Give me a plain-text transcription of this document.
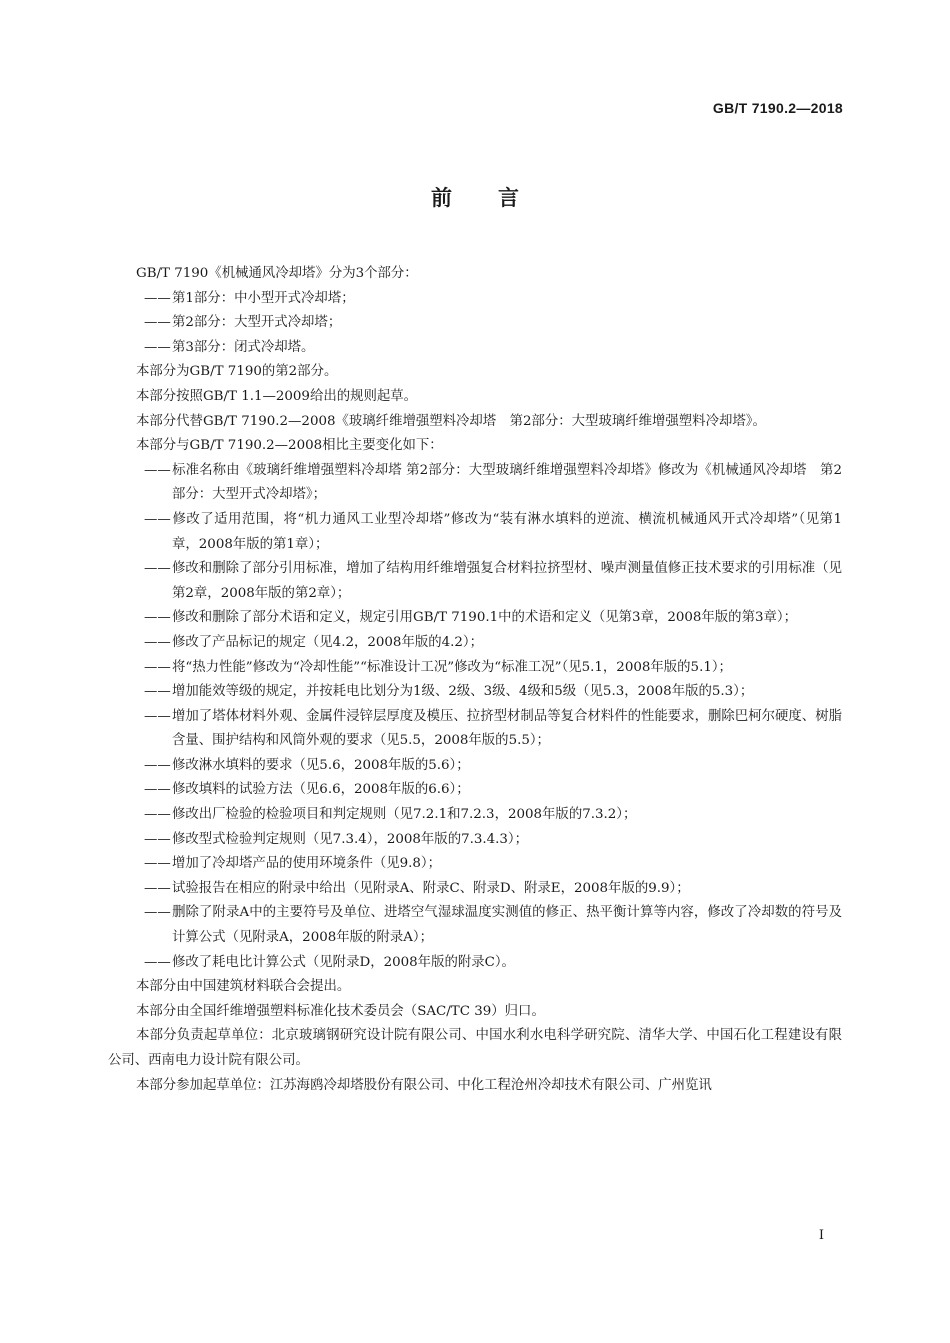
GB/T 7190.2—2018
前言
GB/T 7190《机械通风冷却塔》分为3个部分：
——第1部分：中小型开式冷却塔；
——第2部分：大型开式冷却塔；
——第3部分：闭式冷却塔。
本部分为GB/T 7190的第2部分。
本部分按照GB/T 1.1—2009给出的规则起草。
本部分代替GB/T 7190.2—2008《玻璃纤维增强塑料冷却塔　第2部分：大型玻璃纤维增强塑料冷却塔》。
本部分与GB/T 7190.2—2008相比主要变化如下：
——标准名称由《玻璃纤维增强塑料冷却塔 第2部分：大型玻璃纤维增强塑料冷却塔》修改为《机械通风冷却塔　第2部分：大型开式冷却塔》；
——修改了适用范围，将“机力通风工业型冷却塔”修改为“装有淋水填料的逆流、横流机械通风开式冷却塔”（见第1章，2008年版的第1章）；
——修改和删除了部分引用标准，增加了结构用纤维增强复合材料拉挤型材、噪声测量值修正技术要求的引用标准（见第2章，2008年版的第2章）；
——修改和删除了部分术语和定义，规定引用GB/T 7190.1中的术语和定义（见第3章，2008年版的第3章）；
——修改了产品标记的规定（见4.2，2008年版的4.2）；
——将“热力性能”修改为“冷却性能”“标准设计工况”修改为“标准工况”（见5.1，2008年版的5.1）；
——增加能效等级的规定，并按耗电比划分为1级、2级、3级、4级和5级（见5.3，2008年版的5.3）；
——增加了塔体材料外观、金属件浸锌层厚度及模压、拉挤型材制品等复合材料件的性能要求，删除巴柯尔硬度、树脂含量、围护结构和风筒外观的要求（见5.5，2008年版的5.5）；
——修改淋水填料的要求（见5.6，2008年版的5.6）；
——修改填料的试验方法（见6.6，2008年版的6.6）；
——修改出厂检验的检验项目和判定规则（见7.2.1和7.2.3，2008年版的7.3.2）；
——修改型式检验判定规则（见7.3.4），2008年版的7.3.4.3）；
——增加了冷却塔产品的使用环境条件（见9.8）；
——试验报告在相应的附录中给出（见附录A、附录C、附录D、附录E，2008年版的9.9）；
——删除了附录A中的主要符号及单位、进塔空气湿球温度实测值的修正、热平衡计算等内容，修改了冷却数的符号及计算公式（见附录A，2008年版的附录A）；
——修改了耗电比计算公式（见附录D，2008年版的附录C）。
本部分由中国建筑材料联合会提出。
本部分由全国纤维增强塑料标准化技术委员会（SAC/TC 39）归口。
本部分负责起草单位：北京玻璃钢研究设计院有限公司、中国水利水电科学研究院、清华大学、中国石化工程建设有限公司、西南电力设计院有限公司。
本部分参加起草单位：江苏海鸥冷却塔股份有限公司、中化工程沧州冷却技术有限公司、广州览讯
Ⅰ
